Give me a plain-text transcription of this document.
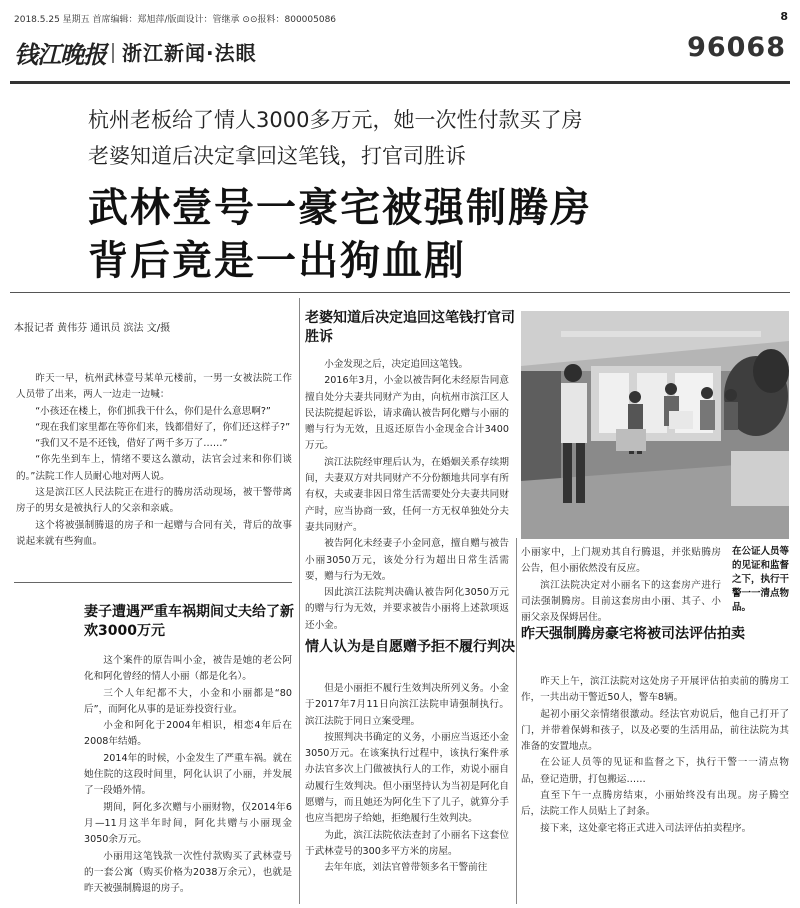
2018.5.25 星期五 首席编辑：郑旭萍/版面设计：管继承 ⊙⊙报料：800005086	8
钱江晚报 浙江新闻·法眼	96068
杭州老板给了情人3000多万元，她一次性付款买了房
老婆知道后决定拿回这笔钱，打官司胜诉
武林壹号一豪宅被强制腾房
背后竟是一出狗血剧
本报记者 黄伟芬 通讯员 滨法 文/摄

昨天一早，杭州武林壹号某单元楼前，一男一女被法院工作人员带了出来，两人一边走一边喊：

“小孩还在楼上，你们抓我干什么，你们是什么意思啊?”

“现在我们家里都在等你们来，钱都借好了，你们还这样子?”

“我们又不是不还钱，借好了两千多万了……”

“你先坐到车上，情绪不要这么激动，法官会过来和你们谈的。”法院工作人员耐心地对两人说。

这是滨江区人民法院正在进行的腾房活动现场，被干警带离房子的男女是被执行人的父亲和亲戚。

这个将被强制腾退的房子和一起赠与合同有关，背后的故事说起来就有些狗血。

妻子遭遇严重车祸期间丈夫给了新欢3000万元

这个案件的原告叫小金，被告是她的老公阿化和阿化曾经的情人小丽（都是化名）。

三个人年纪都不大，小金和小丽都是“80后”，而阿化从事的是证券投资行业。

小金和阿化于2004年相识，相恋4年后在2008年结婚。

2014年的时候，小金发生了严重车祸。就在她住院的这段时间里，阿化认识了小丽，并发展了一段婚外情。

期间，阿化多次赠与小丽财物，仅2014年6月—11月这半年时间，阿化共赠与小丽现金3050余万元。

小丽用这笔钱款一次性付款购买了武林壹号的一套公寓（购买价格为2038万余元），也就是昨天被强制腾退的房子。

老婆知道后决定追回这笔钱打官司胜诉

小金发现之后，决定追回这笔钱。

2016年3月，小金以被告阿化未经原告同意擅自处分夫妻共同财产为由，向杭州市滨江区人民法院提起诉讼，请求确认被告阿化赠与小丽的赠与行为无效，且返还原告小金现金合计3400万元。

滨江法院经审理后认为，在婚姻关系存续期间，夫妻双方对共同财产不分份额地共同享有所有权，夫或妻非因日常生活需要处分夫妻共同财产时，应当协商一致，任何一方无权单独处分夫妻共同财产。

被告阿化未经妻子小金同意，擅自赠与被告小丽3050万元，该处分行为超出日常生活需要，赠与行为无效。

因此滨江法院判决确认被告阿化3050万元的赠与行为无效，并要求被告小丽将上述款项返还小金。

情人认为是自愿赠予拒不履行判决

但是小丽拒不履行生效判决所列义务。小金于2017年7月11日向滨江法院申请强制执行。滨江法院于同日立案受理。

按照判决书确定的义务，小丽应当返还小金3050万元。在该案执行过程中，该执行案件承办法官多次上门做被执行人的工作，劝说小丽自动履行生效判决。但小丽坚持认为当初是阿化自愿赠与，而且她还为阿化生下了儿子，就算分手也应当把房子给她，拒绝履行生效判决。

为此，滨江法院依法查封了小丽名下这套位于武林壹号的300多平方米的房屋。

去年年底，刘法官曾带领多名干警前往

小丽家中，上门规劝其自行腾退，并张贴腾房公告，但小丽依然没有反应。

滨江法院决定对小丽名下的这套房产进行司法强制腾房。目前这套房由小丽、其子、小丽父亲及保姆居住。

在公证人员等的见证和监督之下，执行干警一一清点物品。
昨天强制腾房豪宅将被司法评估拍卖

昨天上午，滨江法院对这处房子开展评估拍卖前的腾房工作，一共出动干警近50人，警车8辆。

起初小丽父亲情绪很激动。经法官劝说后，他自己打开了门，并带着保姆和孩子，以及必要的生活用品，前往法院为其准备的安置地点。

在公证人员等的见证和监督之下，执行干警一一清点物品，登记造册，打包搬运……

直至下午一点腾房结束，小丽始终没有出现。房子腾空后，法院工作人员贴上了封条。

接下来，这处豪宅将正式进入司法评估拍卖程序。
